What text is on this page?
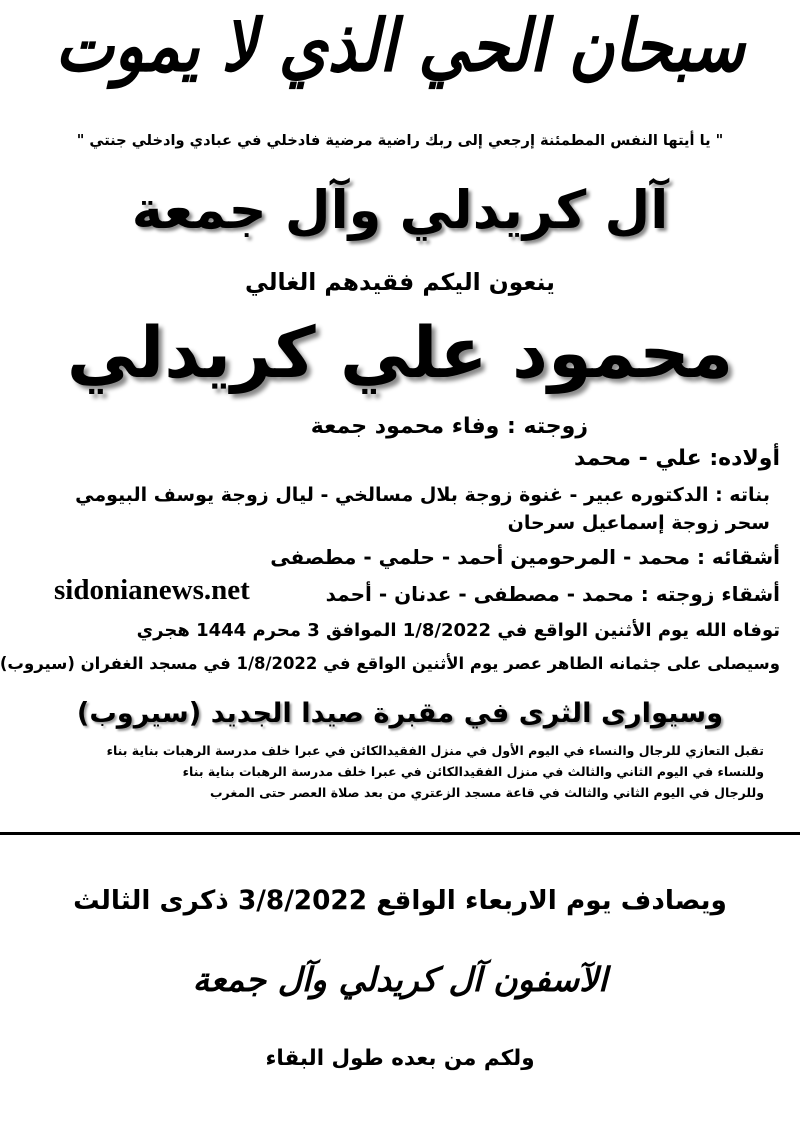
سبحان الحي الذي لا يموت
" يا أيتها النفس المطمئنة إرجعي إلى ربك راضية مرضية فادخلي في عبادي وادخلي جنتي "
آل كريدلي وآل جمعة
ينعون اليكم فقيدهم الغالي
محمود علي كريدلي
زوجته : وفاء محمود جمعة
أولاده: علي - محمد
بناته : الدكتوره عبير - غنوة زوجة بلال مسالخي - ليال زوجة يوسف البيومي
سحر زوجة إسماعيل سرحان
أشقائه : محمد - المرحومين أحمد - حلمي - مطصفى
أشقاء زوجته : محمد - مصطفى - عدنان - أحمد
sidonianews.net
توفاه الله يوم الأثنين الواقع في 1/8/2022 الموافق 3 محرم 1444 هجري
وسيصلى على جثمانه الطاهر عصر يوم الأثنين الواقع في 1/8/2022 في مسجد الغفران (سيروب)
وسيوارى الثرى في مقبرة صيدا الجديد (سيروب)
تقبل التعازي للرجال والنساء في اليوم الأول في منزل الفقيدالكائن في عبرا خلف مدرسة الرهبات بناية بناء
وللنساء في اليوم الثاني والثالث في منزل الفقيدالكائن في عبرا خلف مدرسة الرهبات بناية بناء
وللرجال في اليوم الثاني والثالث في قاعة مسجد الزعتري من بعد صلاة العصر حتى المغرب
ويصادف يوم الاربعاء الواقع 3/8/2022 ذكرى الثالث
الآسفون آل كريدلي وآل جمعة
ولكم من بعده طول البقاء
